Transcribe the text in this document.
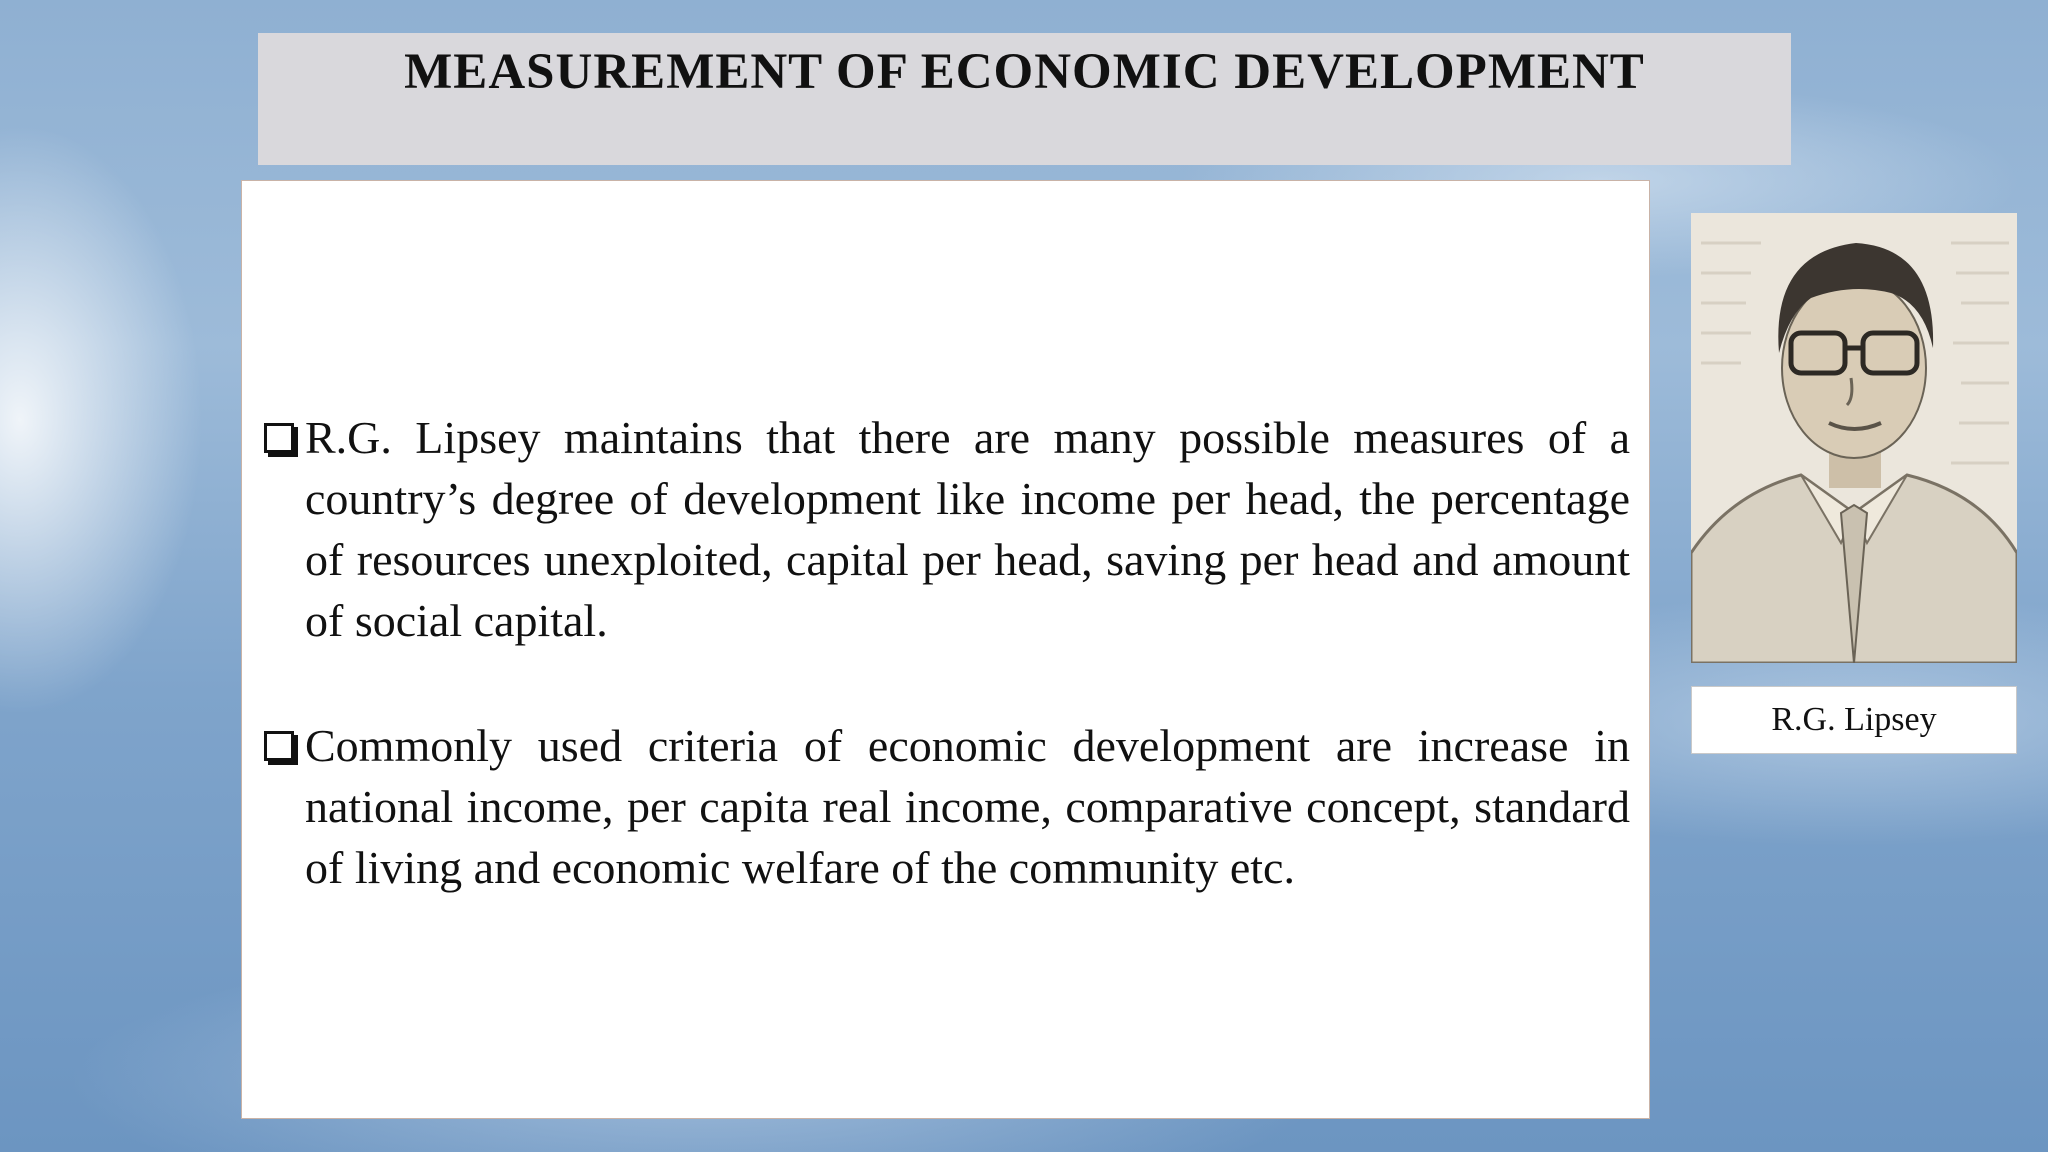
MEASUREMENT OF ECONOMIC DEVELOPMENT
R.G. Lipsey maintains that there are many possible measures of a country’s degree of development like income per head, the percentage of resources unexploited, capital per head, saving per head and amount of social capital.
Commonly used criteria of economic development are increase in national income, per capita real income, comparative concept, standard of living and economic welfare of the community etc.
R.G. Lipsey
